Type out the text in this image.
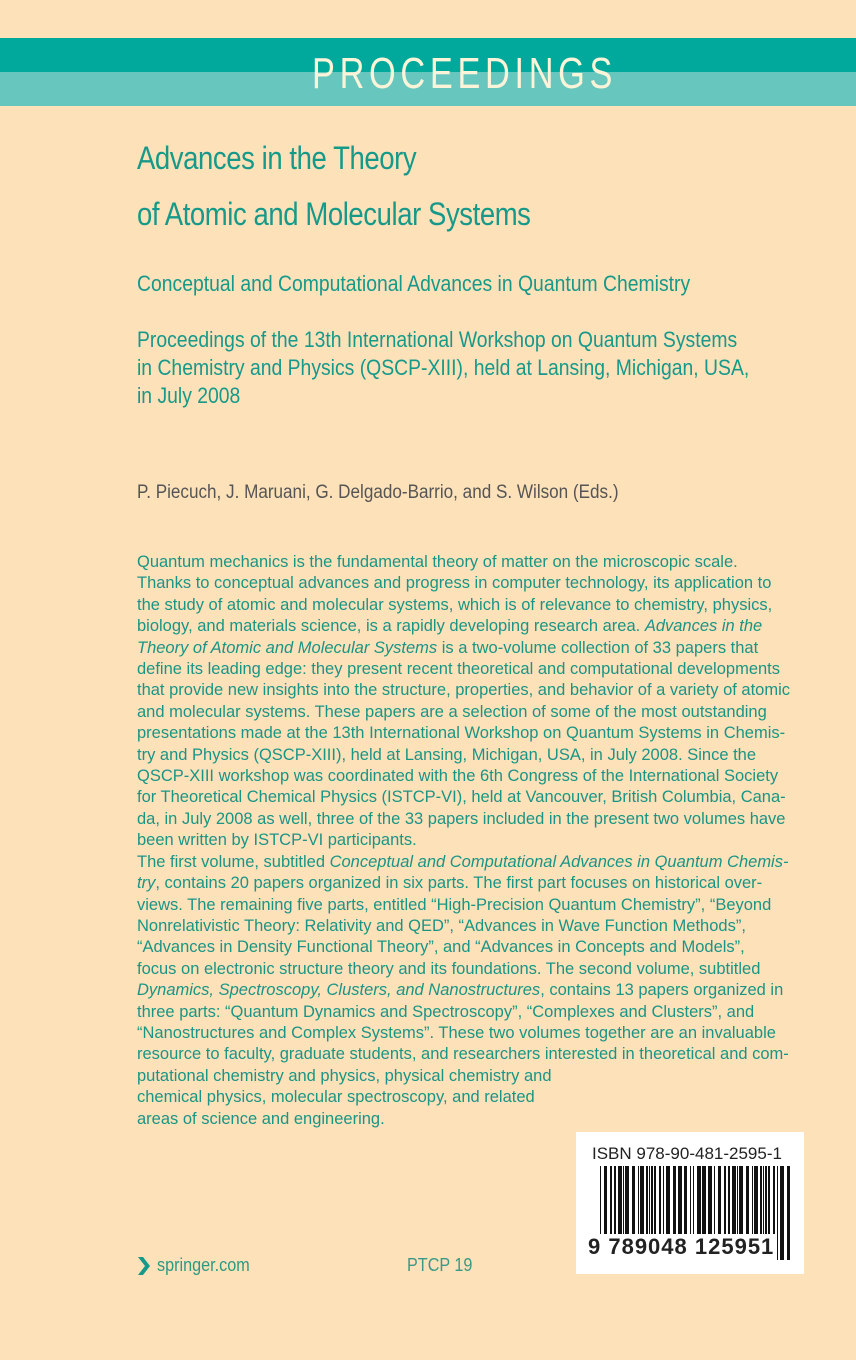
PROCEEDINGS
Advances in the Theory
of Atomic and Molecular Systems
Conceptual and Computational Advances in Quantum Chemistry
Proceedings of the 13th International Workshop on Quantum Systems
in Chemistry and Physics (QSCP-XIII), held at Lansing, Michigan, USA,
in July 2008
P. Piecuch, J. Maruani, G. Delgado-Barrio, and S. Wilson (Eds.)
Quantum mechanics is the fundamental theory of matter on the microscopic scale.
Thanks to conceptual advances and progress in computer technology, its application to
the study of atomic and molecular systems, which is of relevance to chemistry, physics,
biology, and materials science, is a rapidly developing research area. Advances in the
Theory of Atomic and Molecular Systems is a two-volume collection of 33 papers that
define its leading edge: they present recent theoretical and computational developments
that provide new insights into the structure, properties, and behavior of a variety of atomic
and molecular systems. These papers are a selection of some of the most outstanding
presentations made at the 13th International Workshop on Quantum Systems in Chemis-
try and Physics (QSCP-XIII), held at Lansing, Michigan, USA, in July 2008. Since the
QSCP-XIII workshop was coordinated with the 6th Congress of the International Society
for Theoretical Chemical Physics (ISTCP-VI), held at Vancouver, British Columbia, Cana-
da, in July 2008 as well, three of the 33 papers included in the present two volumes have
been written by ISTCP-VI participants.
The first volume, subtitled Conceptual and Computational Advances in Quantum Chemis-
try, contains 20 papers organized in six parts. The first part focuses on historical over-
views. The remaining five parts, entitled “High-Precision Quantum Chemistry”, “Beyond
Nonrelativistic Theory: Relativity and QED”, “Advances in Wave Function Methods”,
“Advances in Density Functional Theory”, and “Advances in Concepts and Models”,
focus on electronic structure theory and its foundations. The second volume, subtitled
Dynamics, Spectroscopy, Clusters, and Nanostructures, contains 13 papers organized in
three parts: “Quantum Dynamics and Spectroscopy”, “Complexes and Clusters”, and
“Nanostructures and Complex Systems”. These two volumes together are an invaluable
resource to faculty, graduate students, and researchers interested in theoretical and com-
putational chemistry and physics, physical chemistry and
chemical physics, molecular spectroscopy, and related
areas of science and engineering.
ISBN 978-90-481-2595-1
9 789048 125951
springer.com	PTCP 19
